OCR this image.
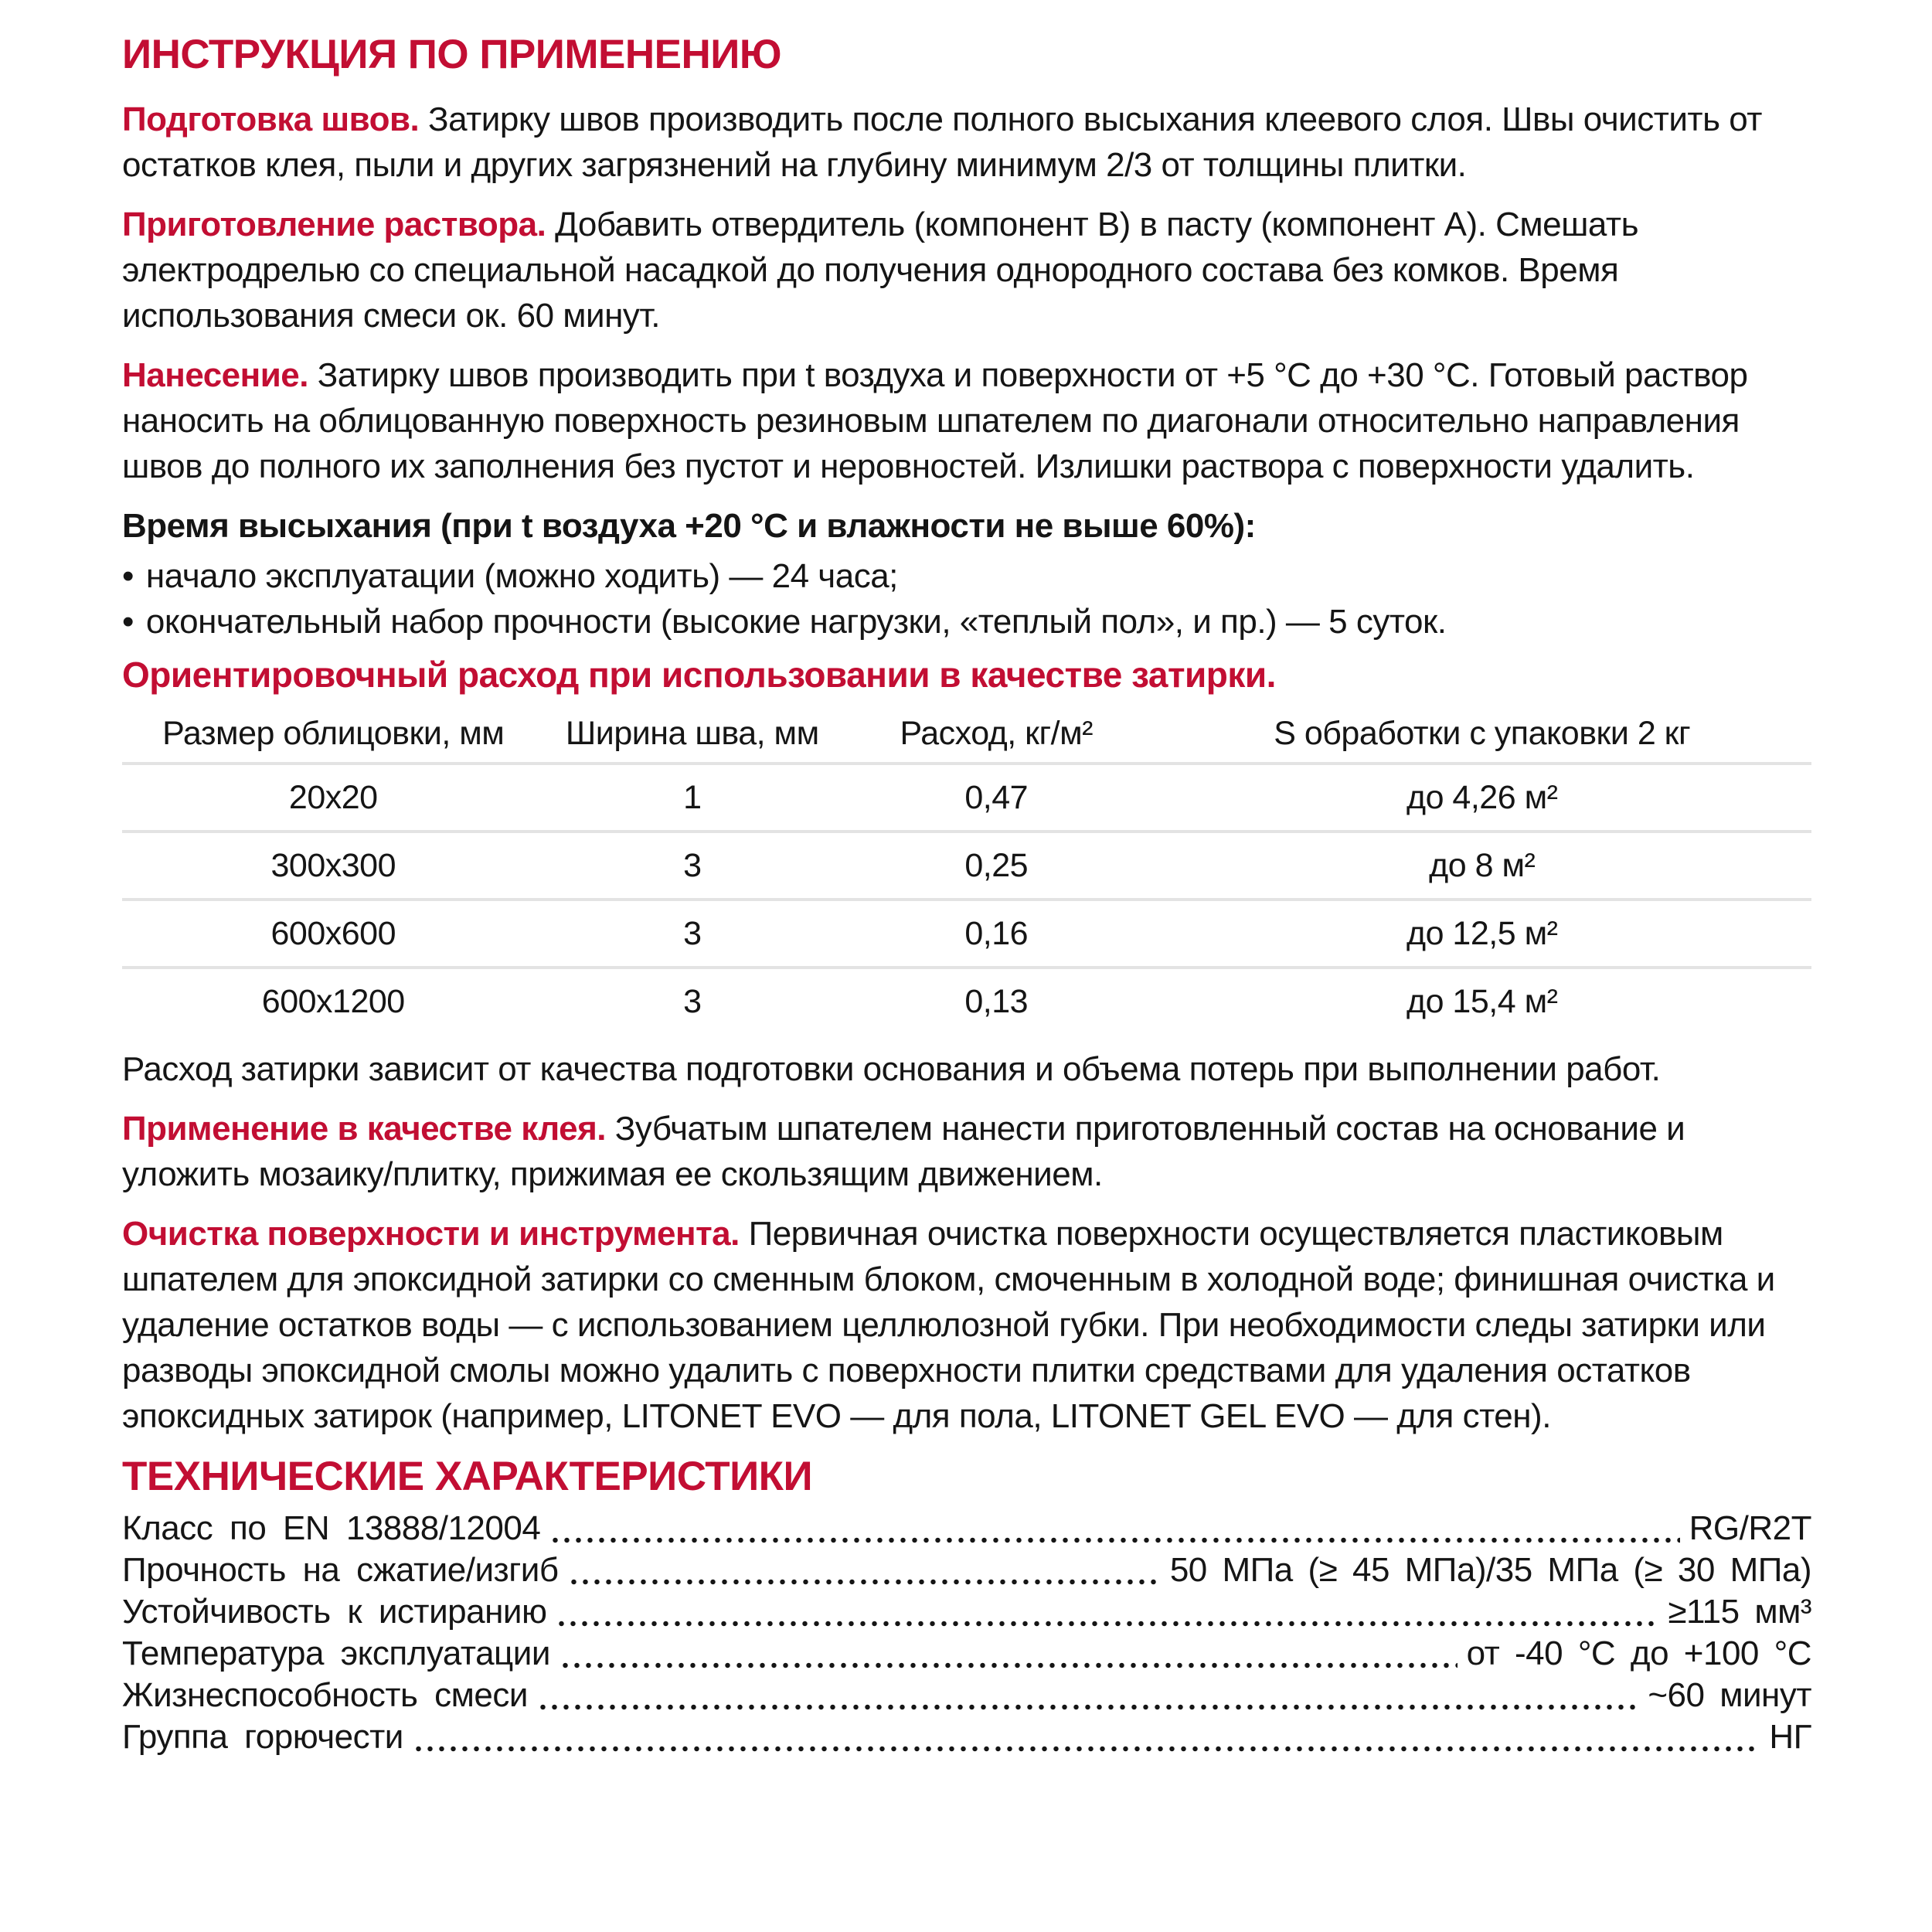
ИНСТРУКЦИЯ ПО ПРИМЕНЕНИЮ

Подготовка швов. Затирку швов производить после полного высыхания клеевого слоя. Швы очистить от остатков клея, пыли и других загрязнений на глубину минимум 2/3 от толщины плитки.

Приготовление раствора. Добавить отвердитель (компонент B) в пасту (компонент A). Смешать электродрелью со специальной насадкой до получения однородного состава без комков. Время использования смеси ок. 60 минут.

Нанесение. Затирку швов производить при t воздуха и поверхности от +5 °C до +30 °C. Готовый раствор наносить на облицованную поверхность резиновым шпателем по диагонали относительно направления швов до полного их заполнения без пустот и неровностей. Излишки раствора с поверхности удалить.

Время высыхания (при t воздуха +20 °C и влажности не выше 60%):

• начало эксплуатации (можно ходить) — 24 часа;
• окончательный набор прочности (высокие нагрузки, «теплый пол», и пр.) — 5 суток.

Ориентировочный расход при использовании в качестве затирки.

Размер облицовки, мм	Ширина шва, мм	Расход, кг/м²	S обработки с упаковки 2 кг
20x20	1	0,47	до 4,26 м²
300x300	3	0,25	до 8 м²
600x600	3	0,16	до 12,5 м²
600x1200	3	0,13	до 15,4 м²

Расход затирки зависит от качества подготовки основания и объема потерь при выполнении работ.

Применение в качестве клея. Зубчатым шпателем нанести приготовленный состав на основание и уложить мозаику/плитку, прижимая ее скользящим движением.

Очистка поверхности и инструмента. Первичная очистка поверхности осуществляется пластиковым шпателем для эпоксидной затирки со сменным блоком, смоченным в холодной воде; финишная очистка и удаление остатков воды — с использованием целлюлозной губки. При необходимости следы затирки или разводы эпоксидной смолы можно удалить с поверхности плитки средствами для удаления остатков эпоксидных затирок (например, LITONET EVO — для пола, LITONET GEL EVO — для стен).

ТЕХНИЧЕСКИЕ ХАРАКТЕРИСТИКИ
Класс по EN 13888/12004	RG/R2T
Прочность на сжатие/изгиб	50 МПа (≥ 45 МПа)/35 МПа (≥ 30 МПа)
Устойчивость к истиранию	≥115 мм³
Температура эксплуатации	от -40 °C до +100 °C
Жизнеспособность смеси	~60 минут
Группа горючести	НГ
